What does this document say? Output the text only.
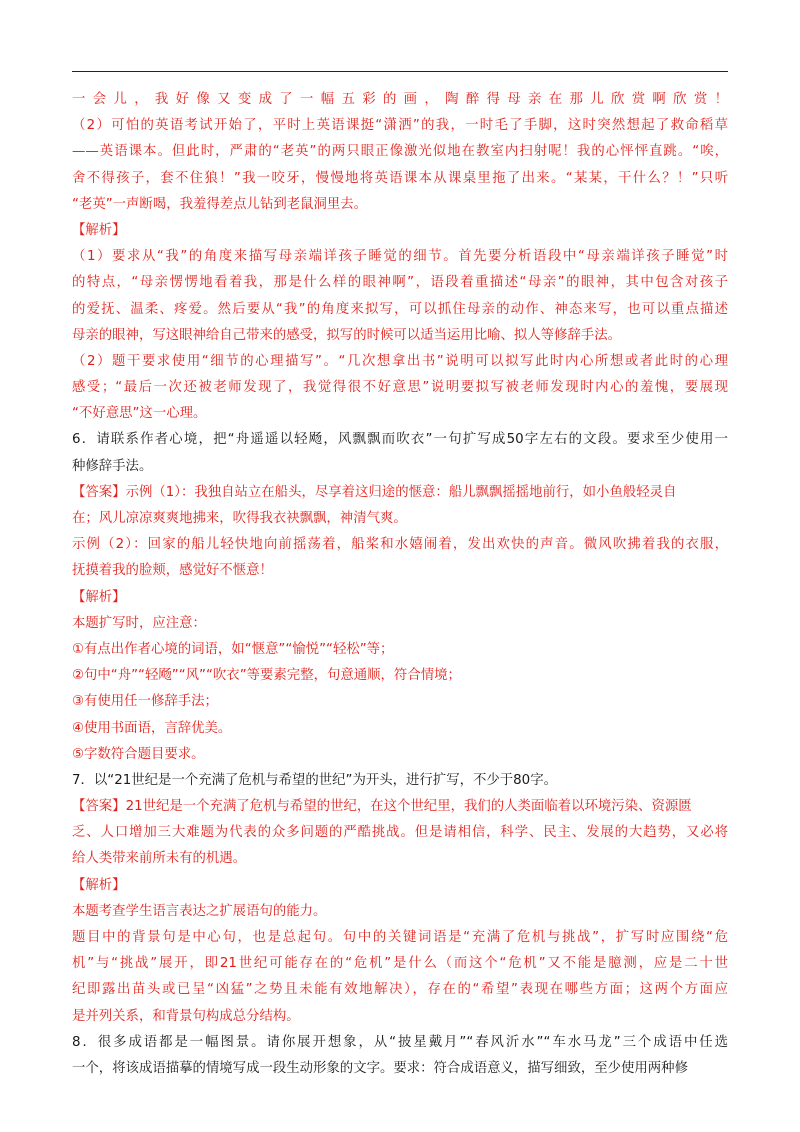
一会儿，我好像又变成了一幅五彩的画，陶醉得母亲在那儿欣赏啊欣赏！
（2）可怕的英语考试开始了，平时上英语课挺“潇洒”的我，一时毛了手脚，这时突然想起了救命稻草
——英语课本。但此时，严肃的“老英”的两只眼正像激光似地在教室内扫射呢！我的心怦怦直跳。“唉，
舍不得孩子，套不住狼！”我一咬牙，慢慢地将英语课本从课桌里拖了出来。“某某，干什么？！”只听
“老英”一声断喝，我羞得差点儿钻到老鼠洞里去。
【解析】
（1）要求从“我”的角度来描写母亲端详孩子睡觉的细节。首先要分析语段中“母亲端详孩子睡觉”时
的特点，“母亲愣愣地看着我，那是什么样的眼神啊”，语段着重描述“母亲”的眼神，其中包含对孩子
的爱抚、温柔、疼爱。然后要从“我”的角度来拟写，可以抓住母亲的动作、神态来写，也可以重点描述
母亲的眼神，写这眼神给自己带来的感受，拟写的时候可以适当运用比喻、拟人等修辞手法。
（2）题干要求使用“细节的心理描写”。“几次想拿出书”说明可以拟写此时内心所想或者此时的心理
感受；“最后一次还被老师发现了，我觉得很不好意思”说明要拟写被老师发现时内心的羞愧，要展现
“不好意思”这一心理。
6．请联系作者心境，把“舟遥遥以轻飏，风飘飘而吹衣”一句扩写成50字左右的文段。要求至少使用一
种修辞手法。
【答案】示例（1）：我独自站立在船头，尽享着这归途的惬意：船儿飘飘摇摇地前行，如小鱼般轻灵自
在；风儿凉凉爽爽地拂来，吹得我衣袂飘飘，神清气爽。
示例（2）：回家的船儿轻快地向前摇荡着，船桨和水嬉闹着，发出欢快的声音。微风吹拂着我的衣服，
抚摸着我的脸颊，感觉好不惬意！
【解析】
本题扩写时，应注意：
①有点出作者心境的词语，如“惬意”“愉悦”“轻松”等；
②句中“舟”“轻飏”“风”“吹衣”等要素完整，句意通顺，符合情境；
③有使用任一修辞手法；
④使用书面语，言辞优美。
⑤字数符合题目要求。
7．以“21世纪是一个充满了危机与希望的世纪”为开头，进行扩写，不少于80字。
【答案】21世纪是一个充满了危机与希望的世纪，在这个世纪里，我们的人类面临着以环境污染、资源匮
乏、人口增加三大难题为代表的众多问题的严酷挑战。但是请相信，科学、民主、发展的大趋势，又必将
给人类带来前所未有的机遇。
【解析】
本题考查学生语言表达之扩展语句的能力。
题目中的背景句是中心句，也是总起句。句中的关键词语是“充满了危机与挑战”，扩写时应围绕“危
机”与“挑战”展开，即21世纪可能存在的“危机”是什么（而这个“危机”又不能是臆测，应是二十世
纪即露出苗头或已呈“凶猛”之势且未能有效地解决），存在的“希望”表现在哪些方面；这两个方面应
是并列关系，和背景句构成总分结构。
8．很多成语都是一幅图景。请你展开想象，从“披星戴月”“春风沂水”“车水马龙”三个成语中任选
一个，将该成语描摹的情境写成一段生动形象的文字。要求：符合成语意义，描写细致，至少使用两种 ··修
